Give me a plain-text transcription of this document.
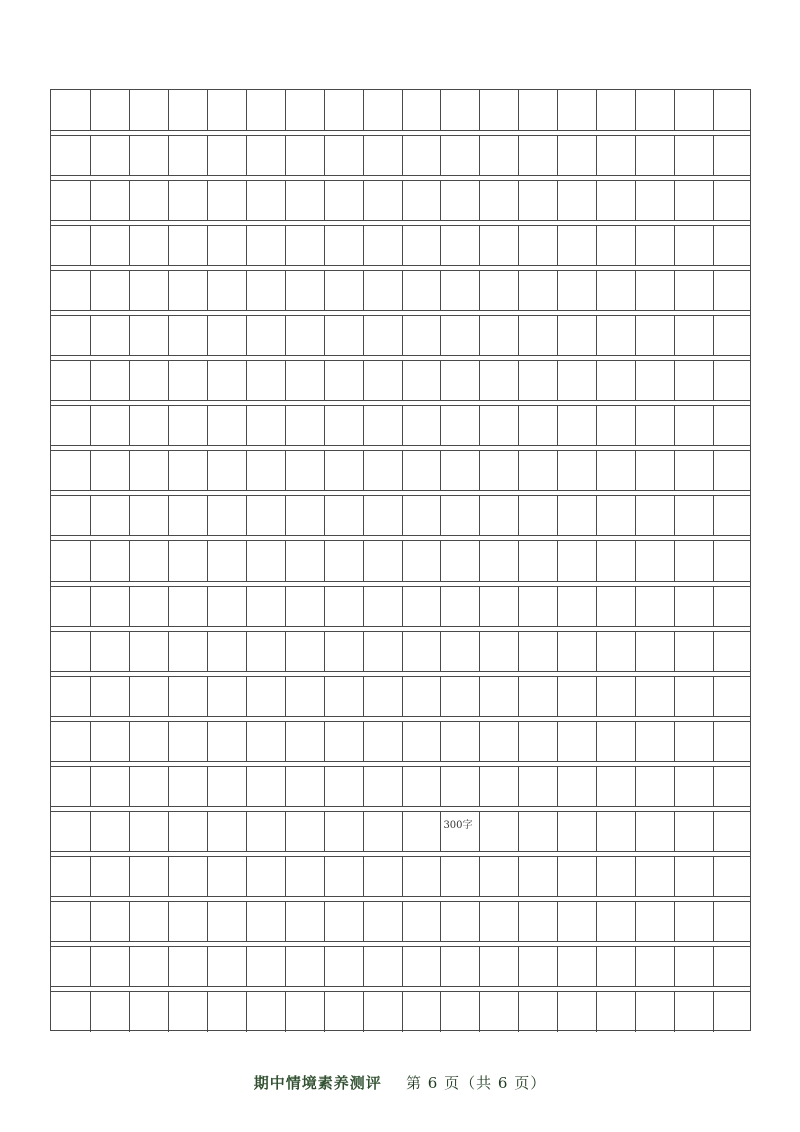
300字
期中情境素养测评 第 6 页（共 6 页）
